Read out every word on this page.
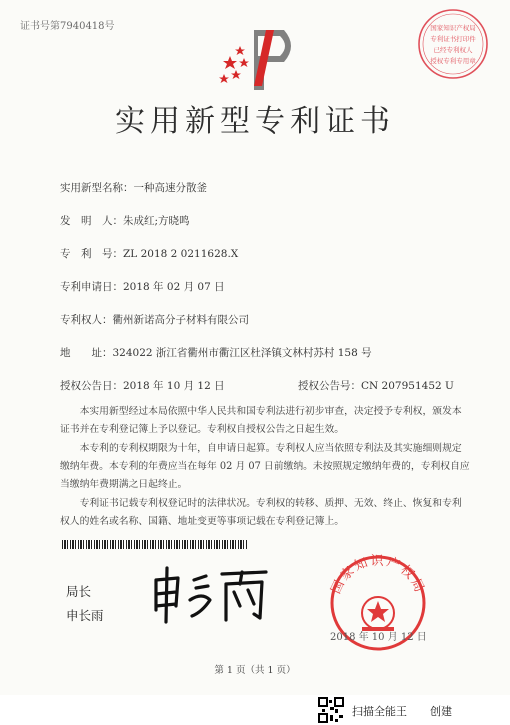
证书号第7940418号	国家知识产权局
专利证书打印件
已经专利权人
授权专利专用章
实用新型专利证书
实用新型名称：一种高速分散釜
发　明　人：朱成红;方晓鸣
专　利　号：ZL 2018 2 0211628.X
专利申请日：2018 年 02 月 07 日
专利权人：衢州新诺高分子材料有限公司
地　　址：324022 浙江省衢州市衢江区杜泽镇文林村苏村 158 号
授权公告日：2018 年 10 月 12 日	授权公告号：CN 207951452 U
本实用新型经过本局依照中华人民共和国专利法进行初步审查，决定授予专利权，颁发本证书并在专利登记簿上予以登记。专利权自授权公告之日起生效。
本专利的专利权期限为十年，自申请日起算。专利权人应当依照专利法及其实施细则规定缴纳年费。本专利的年费应当在每年 02 月 07 日前缴纳。未按照规定缴纳年费的，专利权自应当缴纳年费期满之日起终止。
专利证书记载专利权登记时的法律状况。专利权的转移、质押、无效、终止、恢复和专利权人的姓名或名称、国籍、地址变更等事项记载在专利登记簿上。
局长
申长雨
国家知识产权局
2018 年 10 月 12 日
第 1 页（共 1 页）
扫描全能王 创建
